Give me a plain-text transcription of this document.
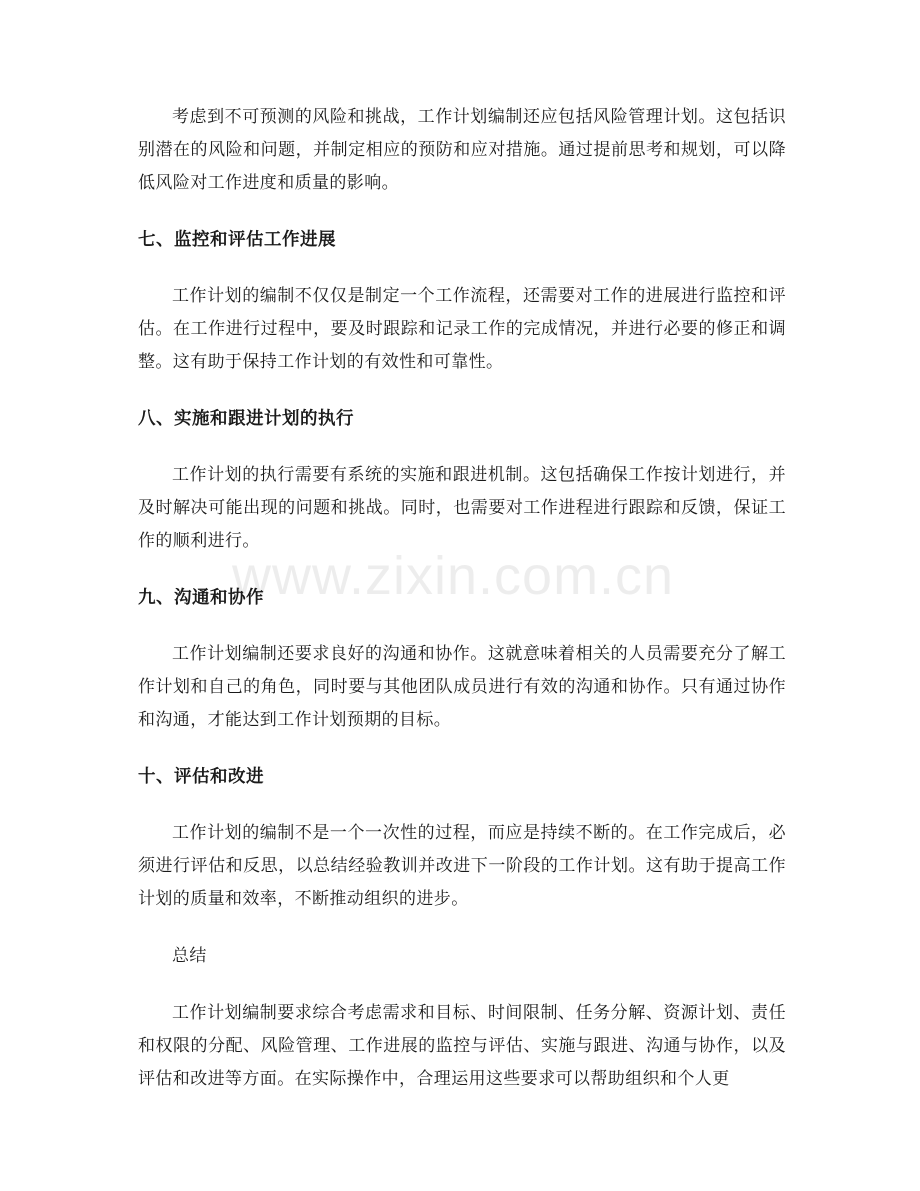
考虑到不可预测的风险和挑战，工作计划编制还应包括风险管理计划。这包括识别潜在的风险和问题，并制定相应的预防和应对措施。通过提前思考和规划，可以降低风险对工作进度和质量的影响。

七、监控和评估工作进展

工作计划的编制不仅仅是制定一个工作流程，还需要对工作的进展进行监控和评估。在工作进行过程中，要及时跟踪和记录工作的完成情况，并进行必要的修正和调整。这有助于保持工作计划的有效性和可靠性。

八、实施和跟进计划的执行

工作计划的执行需要有系统的实施和跟进机制。这包括确保工作按计划进行，并及时解决可能出现的问题和挑战。同时，也需要对工作进程进行跟踪和反馈，保证工作的顺利进行。

九、沟通和协作

工作计划编制还要求良好的沟通和协作。这就意味着相关的人员需要充分了解工作计划和自己的角色，同时要与其他团队成员进行有效的沟通和协作。只有通过协作和沟通，才能达到工作计划预期的目标。

十、评估和改进

工作计划的编制不是一个一次性的过程，而应是持续不断的。在工作完成后，必须进行评估和反思，以总结经验教训并改进下一阶段的工作计划。这有助于提高工作计划的质量和效率，不断推动组织的进步。

总结

工作计划编制要求综合考虑需求和目标、时间限制、任务分解、资源计划、责任和权限的分配、风险管理、工作进展的监控与评估、实施与跟进、沟通与协作，以及评估和改进等方面。在实际操作中，合理运用这些要求可以帮助组织和个人更

www.zixin.com.cn
